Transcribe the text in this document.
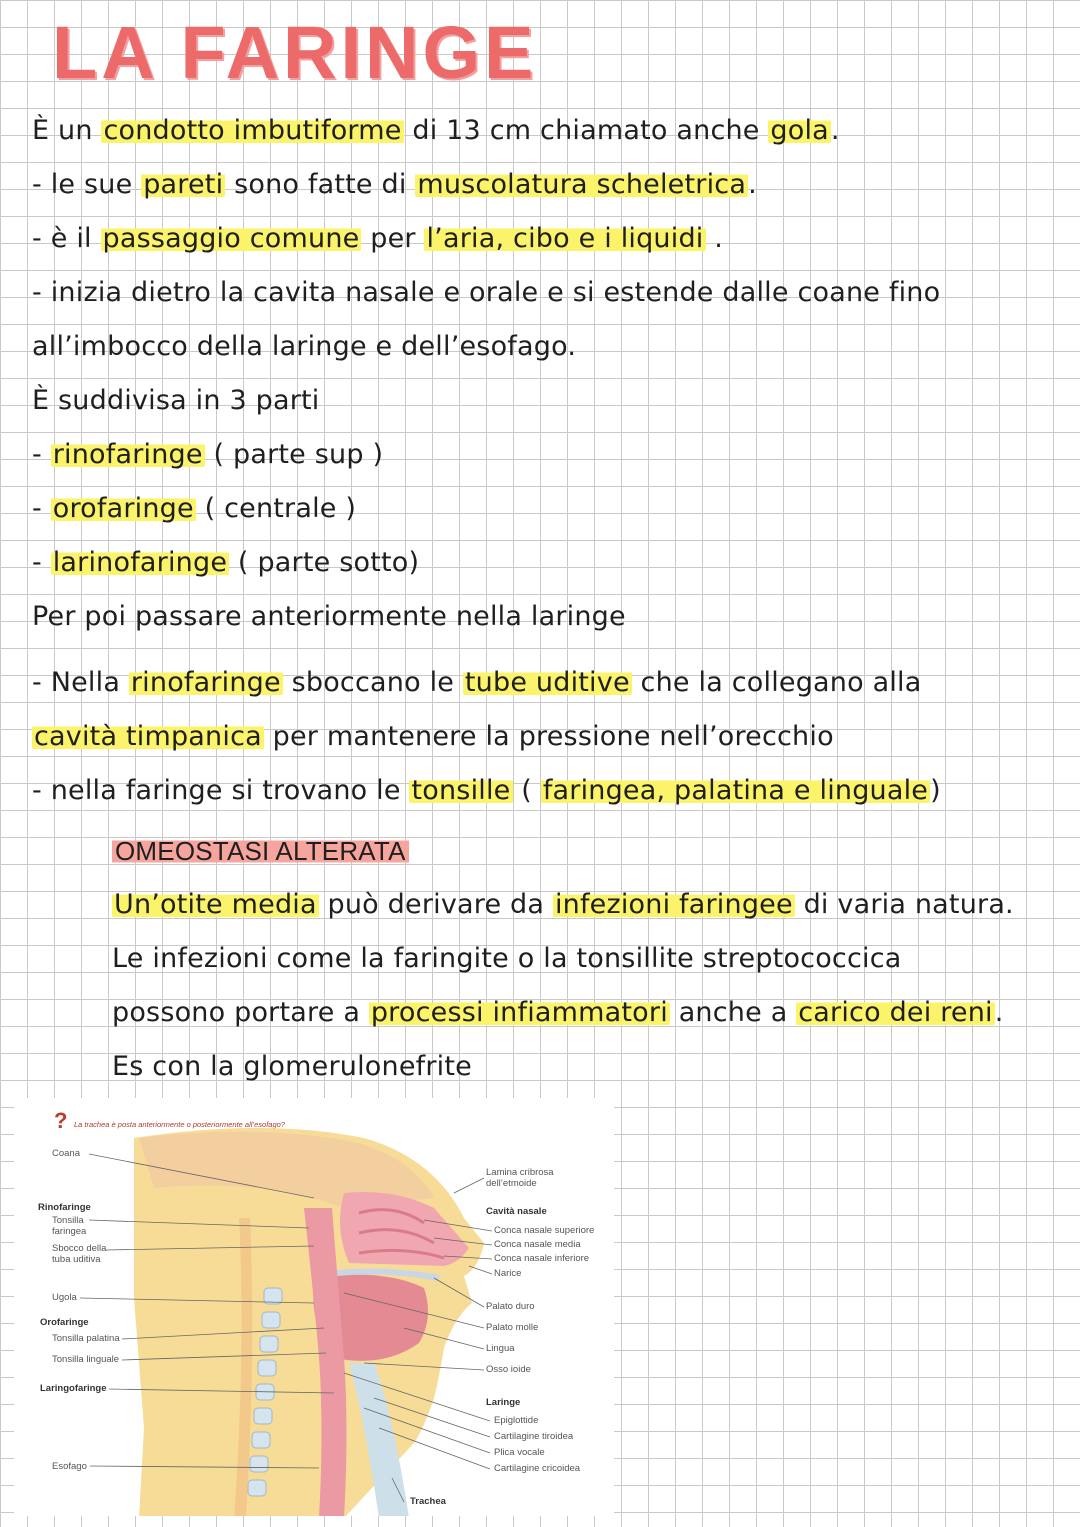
LA FARINGE

È un condotto imbutiforme di 13 cm chiamato anche gola.

- le sue pareti sono fatte di muscolatura scheletrica.

- è il passaggio comune per l’aria, cibo e i liquidi .

- inizia dietro la cavita nasale e orale e si estende dalle coane fino

all’imbocco della laringe e dell’esofago.

È suddivisa in 3 parti

- rinofaringe ( parte sup )

- orofaringe ( centrale )

- larinofaringe ( parte sotto)

Per poi passare anteriormente nella laringe

- Nella rinofaringe sboccano le tube uditive che la collegano alla

cavità timpanica per mantenere la pressione nell’orecchio

- nella faringe si trovano le tonsille ( faringea, palatina e linguale)

OMEOSTASI ALTERATA

Un’otite media può derivare da infezioni faringee di varia natura.

Le infezioni come la faringite o la tonsillite streptococcica

possono portare a processi infiammatori anche a carico dei reni.

Es con la glomerulonefrite

? La trachea è posta anteriormente o posteriormente all’esofago?
Coana
Rinofaringe
Tonsilla
faringea
Sbocco della
tuba uditiva
Ugola
Orofaringe
Tonsilla palatina
Tonsilla linguale
Laringofaringe
Esofago
Lamina cribrosa
dell’etmoide
Cavità nasale
Conca nasale superiore
Conca nasale media
Conca nasale inferiore
Narice
Palato duro
Palato molle
Lingua
Osso ioide
Laringe
Epiglottide
Cartilagine tiroidea
Plica vocale
Cartilagine cricoidea
Trachea
